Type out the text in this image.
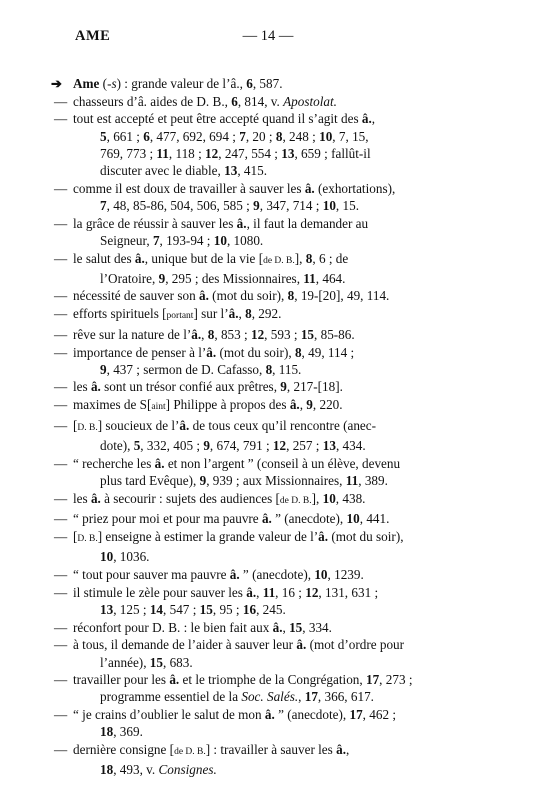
AME	— 14 —
➔ Ame (-s) : grande valeur de l’â., 6, 587.
— chasseurs d’â. aides de D. B., 6, 814, v. Apostolat.
— tout est accepté et peut être accepté quand il s’agit des â.,
5, 661 ; 6, 477, 692, 694 ; 7, 20 ; 8, 248 ; 10, 7, 15,
769, 773 ; 11, 118 ; 12, 247, 554 ; 13, 659 ; fallût-il
discuter avec le diable, 13, 415.
— comme il est doux de travailler à sauver les â. (exhortations),
7, 48, 85-86, 504, 506, 585 ; 9, 347, 714 ; 10, 15.
— la grâce de réussir à sauver les â., il faut la demander au
Seigneur, 7, 193-94 ; 10, 1080.
— le salut des â., unique but de la vie [de D. B.], 8, 6 ; de
l’Oratoire, 9, 295 ; des Missionnaires, 11, 464.
— nécessité de sauver son â. (mot du soir), 8, 19-[20], 49, 114.
— efforts spirituels [portant] sur l’â., 8, 292.
— rêve sur la nature de l’â., 8, 853 ; 12, 593 ; 15, 85-86.
— importance de penser à l’â. (mot du soir), 8, 49, 114 ;
9, 437 ; sermon de D. Cafasso, 8, 115.
— les â. sont un trésor confié aux prêtres, 9, 217-[18].
— maximes de S[aint] Philippe à propos des â., 9, 220.
— [D. B.] soucieux de l’â. de tous ceux qu’il rencontre (anec-
dote), 5, 332, 405 ; 9, 674, 791 ; 12, 257 ; 13, 434.
— “ recherche les â. et non l’argent ” (conseil à un élève, devenu
plus tard Evêque), 9, 939 ; aux Missionnaires, 11, 389.
— les â. à secourir : sujets des audiences [de D. B.], 10, 438.
— “ priez pour moi et pour ma pauvre â. ” (anecdote), 10, 441.
— [D. B.] enseigne à estimer la grande valeur de l’â. (mot du soir),
10, 1036.
— “ tout pour sauver ma pauvre â. ” (anecdote), 10, 1239.
— il stimule le zèle pour sauver les â., 11, 16 ; 12, 131, 631 ;
13, 125 ; 14, 547 ; 15, 95 ; 16, 245.
— réconfort pour D. B. : le bien fait aux â., 15, 334.
— à tous, il demande de l’aider à sauver leur â. (mot d’ordre pour
l’année), 15, 683.
— travailler pour les â. et le triomphe de la Congrégation, 17, 273 ;
programme essentiel de la Soc. Salés., 17, 366, 617.
— “ je crains d’oublier le salut de mon â. ” (anecdote), 17, 462 ;
18, 369.
— dernière consigne [de D. B.] : travailler à sauver les â.,
18, 493, v. Consignes.
